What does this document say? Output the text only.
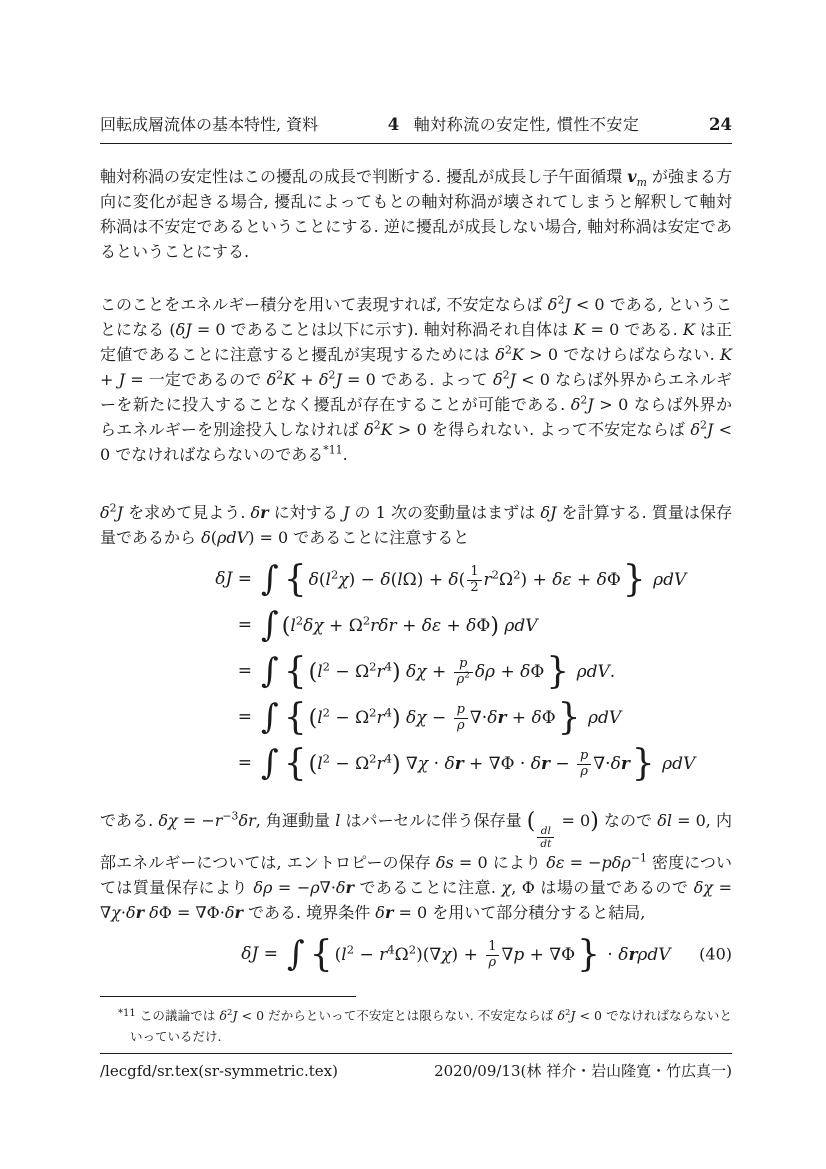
回転成層流体の基本特性, 資料	4 軸対称流の安定性, 慣性不安定	24

軸対称渦の安定性はこの擾乱の成長で判断する. 擾乱が成長し子午面循環 $v_m$ が強まる方向に変化が起きる場合, 擾乱によってもとの軸対称渦が壊されてしまうと解釈して軸対称渦は不安定であるということにする. 逆に擾乱が成長しない場合, 軸対称渦は安定であるということにする.

このことをエネルギー積分を用いて表現すれば, 不安定ならば $\delta^2J < 0$ である, ということになる (δJ = 0 であることは以下に示す). 軸対称渦それ自体は K = 0 である. K は正定値であることに注意すると擾乱が実現するためには $\delta^2K > 0$ でなけらばならない. K + J = 一定であるので $\delta^2K + \delta^2J = 0$ である. よって $\delta^2J < 0$ ならば外界からエネルギーを新たに投入することなく擾乱が存在することが可能である. $\delta^2J > 0$ ならば外界からエネルギーを別途投入しなければ $\delta^2K > 0$ を得られない. よって不安定ならば $\delta^2J < 0$ でなければならないのである$^{*11}$.

$\delta^2J$ を求めて見よう. δr に対する J の 1 次の変動量はまずは δJ を計算する. 質量は保存量であるから δ(ρdV) = 0 であることに注意すると

δJ = ∫ { $\delta(l^2\chi) - \delta(l\Omega) + \delta( \frac{1}{2} r^2\Omega^2) + \delta\varepsilon + \delta\Phi$} ρdV
= ∫ $(l^2\delta\chi + \Omega^2r\delta r + \delta\varepsilon + \delta\Phi)$ ρdV
= ∫ {$(l^2 - \Omega^2r^4) \delta\chi + \frac{p}{\rho^2}$ δρ + δΦ} ρdV.
= ∫ $\{(l^2 - \Omega^2r^4) \delta\chi - \frac{p}{\rho} \nabla\cdot\delta r + \delta\Phi\}$ ρdV
= ∫ $\{(l^2 - \Omega^2r^4) \nabla\chi \cdot \delta r + \nabla\Phi \cdot \delta r - \frac{p}{\rho} \nabla\cdot\delta r\}$ ρdV

である. $\delta\chi = -r^{-3}\delta r$, 角運動量 l はパーセルに伴う保存量 (
$\frac{dl}{dt}$
= 0) なので δl = 0, 内部エネルギーについては, エントロピーの保存 δs = 0 により δε = −pδρ$^{-1}$ 密度については質量保存により δρ = −ρ∇·δr であることに注意. χ, Φ は場の量であるので δχ = ∇χ·δr δΦ = ∇Φ·δr である. 境界条件 δr = 0 を用いて部分積分すると結局,

δJ = ∫ { $(l^2 - r^4\Omega^2)(\nabla\chi) + \frac{1}{\rho} \nabla p + \nabla\Phi\} \cdot \delta r\rho dV$	(40)

$^{*11}$ この議論では $\delta^2J < 0$ だからといって不安定とは限らない. 不安定ならば $\delta^2J < 0$ でなければならないといっているだけ.

/lecgfd/sr.tex(sr-symmetric.tex)	2020/09/13(林 祥介・岩山隆寛・竹広真一)
